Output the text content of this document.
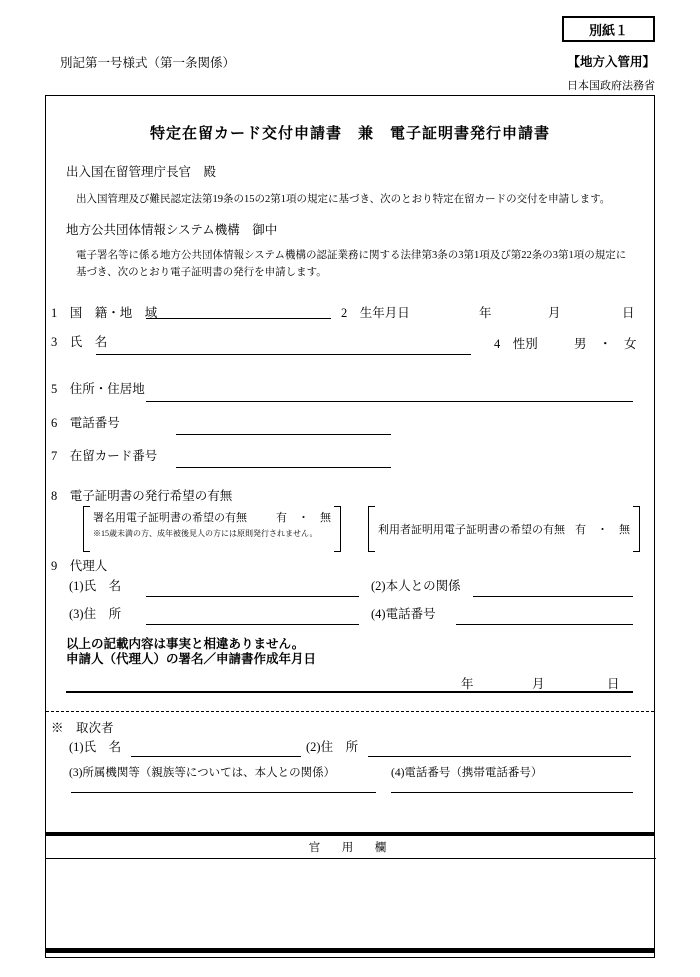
別紙１
別記第一号様式（第一条関係）	【地方入管用】
日本国政府法務省
特定在留カード交付申請書　兼　電子証明書発行申請書
出入国在留管理庁長官　殿
出入国管理及び難民認定法第19条の15の2第1項の規定に基づき、次のとおり特定在留カードの交付を申請します。
地方公共団体情報システム機構　御中
電子署名等に係る地方公共団体情報システム機構の認証業務に関する法律第3条の3第1項及び第22条の3第1項の規定に基づき、次のとおり電子証明書の発行を申請します。
1　国　籍・地　域	2　生年月日	年	月	日
3　氏　名	4　性別	男　・　女
5　住所・住居地
6　電話番号
7　在留カード番号
8　電子証明書の発行希望の有無
署名用電子証明書の希望の有無	有　・　無
※15歳未満の方、成年被後見人の方には原則発行されません。	利用者証明用電子証明書の希望の有無 有　・　無
9　代理人
(1)氏　名	(2)本人との関係
(3)住　所	(4)電話番号
以上の記載内容は事実と相違ありません。
申請人（代理人）の署名／申請書作成年月日
年	月	日
※　取次者
(1)氏　名	(2)住　所
(3)所属機関等（親族等については、本人との関係）	(4)電話番号（携帯電話番号）
官　用　欄
